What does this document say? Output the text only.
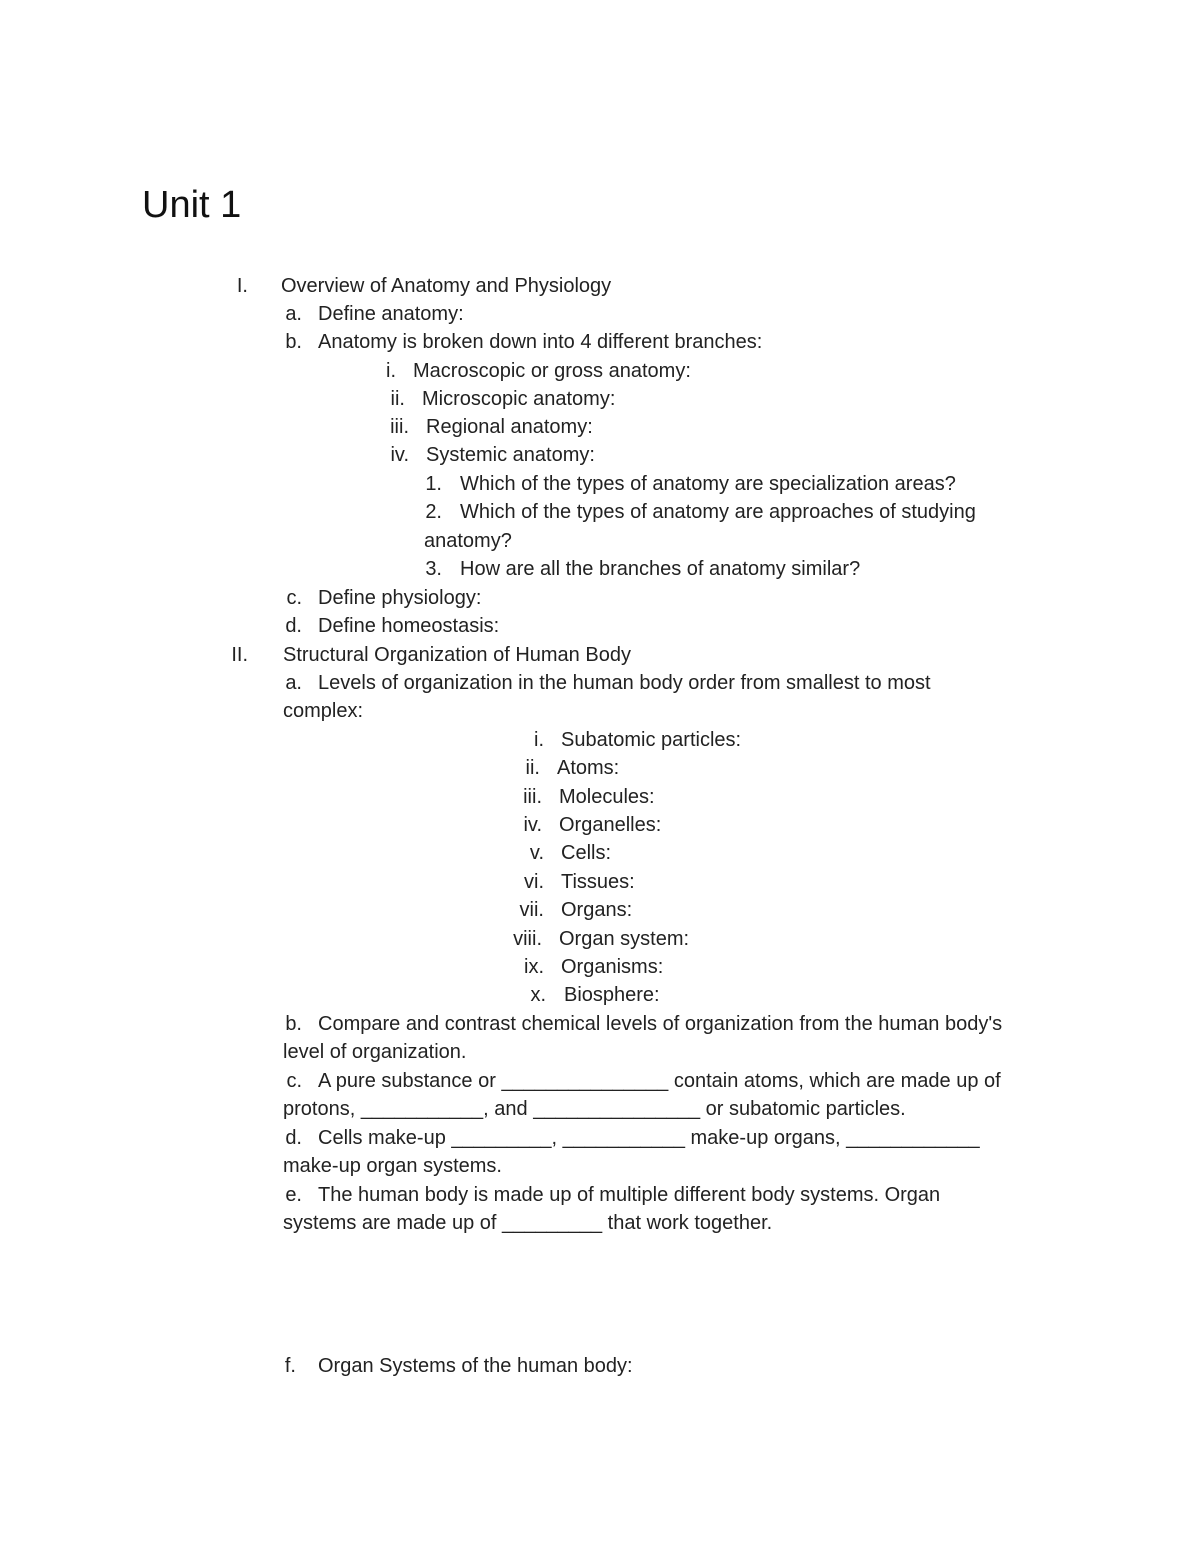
Unit 1
I. Overview of Anatomy and Physiology
a. Define anatomy:
b. Anatomy is broken down into 4 different branches:
i. Macroscopic or gross anatomy:
ii. Microscopic anatomy:
iii. Regional anatomy:
iv. Systemic anatomy:
1. Which of the types of anatomy are specialization areas?
2. Which of the types of anatomy are approaches of studying
anatomy?
3. How are all the branches of anatomy similar?
c. Define physiology:
d. Define homeostasis:
II. Structural Organization of Human Body
a. Levels of organization in the human body order from smallest to most
complex:
i. Subatomic particles:
ii. Atoms:
iii. Molecules:
iv. Organelles:
v. Cells:
vi. Tissues:
vii. Organs:
viii. Organ system:
ix. Organisms:
x. Biosphere:
b. Compare and contrast chemical levels of organization from the human body's
level of organization.
c. A pure substance or _______________ contain atoms, which are made up of
protons, ___________, and _______________ or subatomic particles.
d. Cells make-up _________, ___________ make-up organs, ____________
make-up organ systems.
e. The human body is made up of multiple different body systems. Organ
systems are made up of _________ that work together.
f. Organ Systems of the human body:
